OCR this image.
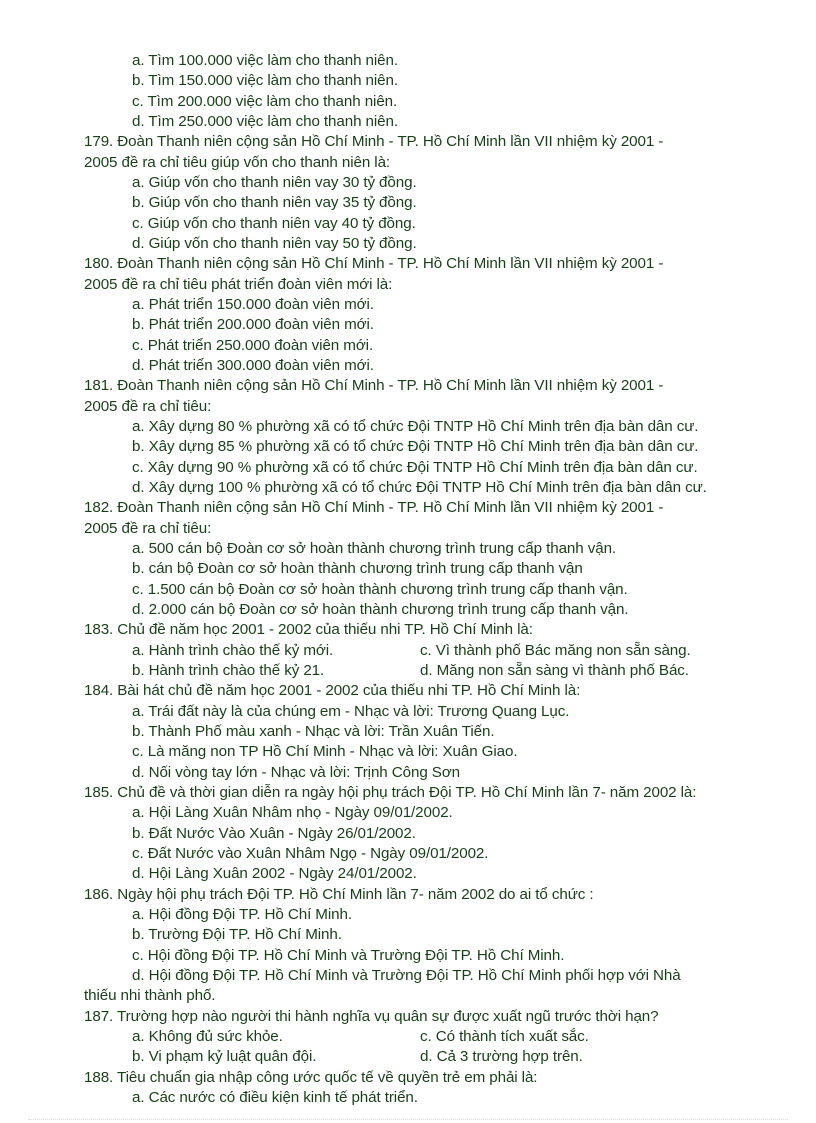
a. Tìm 100.000 việc làm cho thanh niên.
b. Tìm 150.000 việc làm cho thanh niên.
c. Tìm 200.000 việc làm cho thanh niên.
d. Tìm 250.000 việc làm cho thanh niên.
179. Đoàn Thanh niên cộng sản Hồ Chí Minh - TP. Hồ Chí Minh lần VII nhiệm kỳ 2001 -
2005 đề ra chỉ tiêu giúp vốn cho thanh niên là:
a. Giúp vốn cho thanh niên vay 30 tỷ đồng.
b. Giúp vốn cho thanh niên vay 35 tỷ đồng.
c. Giúp vốn cho thanh niên vay 40 tỷ đồng.
d. Giúp vốn cho thanh niên vay 50 tỷ đồng.
180. Đoàn Thanh niên cộng sản Hồ Chí Minh - TP. Hồ Chí Minh lần VII nhiệm kỳ 2001 -
2005 đề ra chỉ tiêu phát triển đoàn viên mới là:
a. Phát triển 150.000 đoàn viên mới.
b. Phát triển 200.000 đoàn viên mới.
c. Phát triển 250.000 đoàn viên mới.
d. Phát triển 300.000 đoàn viên mới.
181. Đoàn Thanh niên cộng sản Hồ Chí Minh - TP. Hồ Chí Minh lần VII nhiệm kỳ 2001 -
2005 đề ra chỉ tiêu:
a. Xây dựng 80 % phường xã có tổ chức Đội TNTP Hồ Chí Minh trên địa bàn dân cư.
b. Xây dựng 85 % phường xã có tổ chức Đội TNTP Hồ Chí Minh trên địa bàn dân cư.
c. Xây dựng 90 % phường xã có tổ chức Đội TNTP Hồ Chí Minh trên địa bàn dân cư.
d. Xây dựng 100 % phường xã có tổ chức Đội TNTP Hồ Chí Minh trên địa bàn dân cư.
182. Đoàn Thanh niên cộng sản Hồ Chí Minh - TP. Hồ Chí Minh lần VII nhiệm kỳ 2001 -
2005 đề ra chỉ tiêu:
a. 500 cán bộ Đoàn cơ sở hoàn thành chương trình trung cấp thanh vận.
b. cán bộ Đoàn cơ sở hoàn thành chương trình trung cấp thanh vận
c. 1.500 cán bộ Đoàn cơ sở hoàn thành chương trình trung cấp thanh vận.
d. 2.000 cán bộ Đoàn cơ sở hoàn thành chương trình trung cấp thanh vận.
183. Chủ đề năm học 2001 - 2002 của thiếu nhi TP. Hồ Chí Minh là:
a. Hành trình chào thế kỷ mới.	c. Vì thành phố Bác măng non sẵn sàng.
b. Hành trình chào thế kỷ 21.	d. Măng non sẵn sàng vì thành phố Bác.
184. Bài hát chủ đề năm học 2001 - 2002 của thiếu nhi TP. Hồ Chí Minh là:
a. Trái đất này là của chúng em - Nhạc và lời: Trương Quang Lục.
b. Thành Phố màu xanh - Nhạc và lời: Trần Xuân Tiến.
c. Là măng non TP Hồ Chí Minh - Nhạc và lời: Xuân Giao.
d. Nối vòng tay lớn - Nhạc và lời: Trịnh Công Sơn
185. Chủ đề và thời gian diễn ra ngày hội phụ trách Đội TP. Hồ Chí Minh lần 7- năm 2002 là:
a. Hội Làng Xuân Nhâm nhọ - Ngày 09/01/2002.
b. Đất Nước Vào Xuân - Ngày 26/01/2002.
c. Đất Nước vào Xuân Nhâm Ngọ - Ngày 09/01/2002.
d. Hội Làng Xuân 2002 - Ngày 24/01/2002.
186. Ngày hội phụ trách Đội TP. Hồ Chí Minh lần 7- năm 2002 do ai tổ chức :
a. Hội đồng Đội TP. Hồ Chí Minh.
b. Trường Đội TP. Hồ Chí Minh.
c. Hội đồng Đội TP. Hồ Chí Minh và Trường Đội TP. Hồ Chí Minh.
d. Hội đồng Đội TP. Hồ Chí Minh và Trường Đội TP. Hồ Chí Minh phối hợp với Nhà
thiếu nhi thành phố.
187. Trường hợp nào người thi hành nghĩa vụ quân sự được xuất ngũ trước thời hạn?
a. Không đủ sức khỏe.	c. Có thành tích xuất sắc.
b. Vi phạm kỷ luật quân đội.	d. Cả 3 trường hợp trên.
188. Tiêu chuẩn gia nhập công ước quốc tế về quyền trẻ em phải là:
a. Các nước có điều kiện kinh tế phát triển.
